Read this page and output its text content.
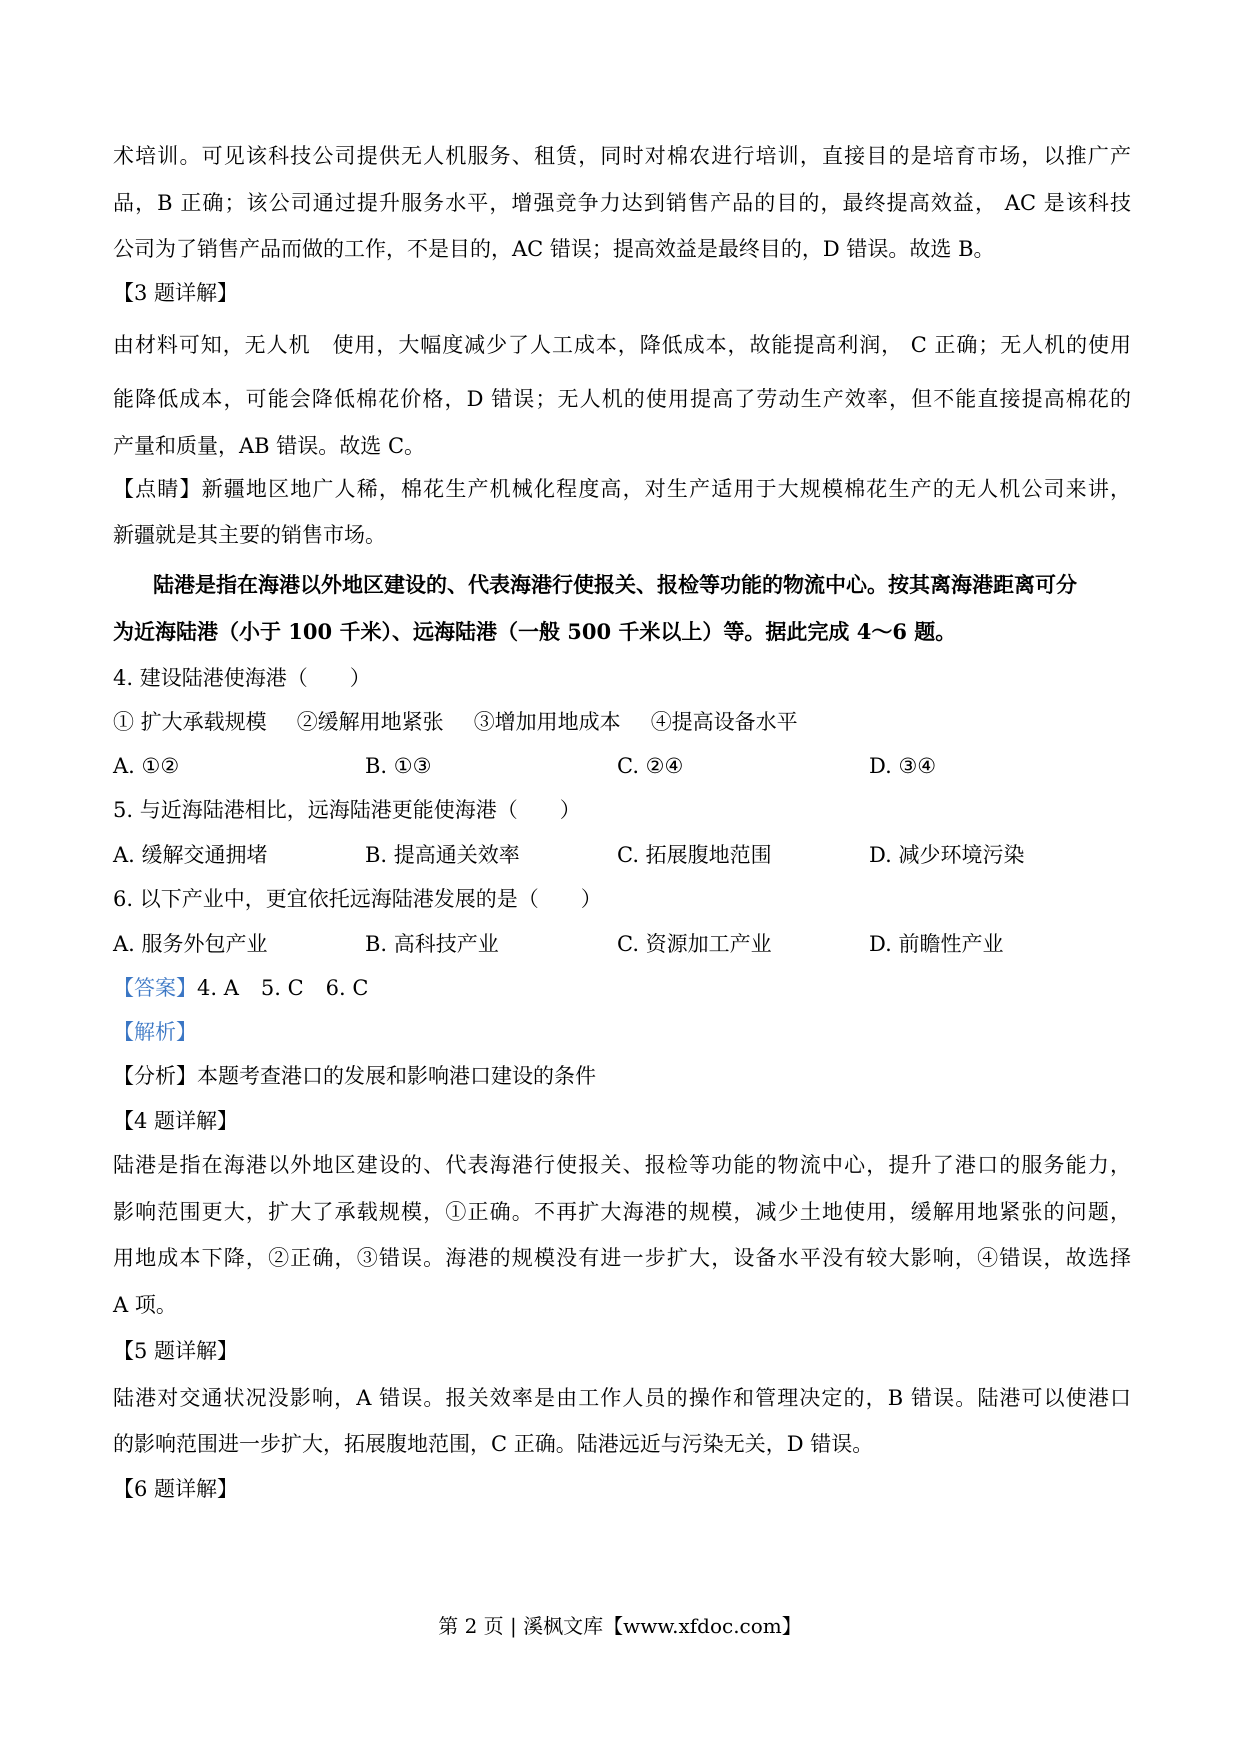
术培训。可见该科技公司提供无人机服务、租赁，同时对棉农进行培训，直接目的是培育市场，以推广产

品，B 正确；该公司通过提升服务水平，增强竞争力达到销售产品的目的，最终提高效益， AC 是该科技

公司为了销售产品而做的工作，不是目的，AC 错误；提高效益是最终目的，D 错误。故选 B。

【3 题详解】

由材料可知，无人机　使用，大幅度减少了人工成本，降低成本，故能提高利润， C 正确；无人机的使用

能降低成本，可能会降低棉花价格，D 错误；无人机的使用提高了劳动生产效率，但不能直接提高棉花的

产量和质量，AB 错误。故选 C。

【点睛】新疆地区地广人稀，棉花生产机械化程度高，对生产适用于大规模棉花生产的无人机公司来讲，

新疆就是其主要的销售市场。

陆港是指在海港以外地区建设的、代表海港行使报关、报检等功能的物流中心。按其离海港距离可分

为近海陆港（小于 100 千米）、远海陆港（一般 500 千米以上）等。据此完成 4～6 题。

4. 建设陆港使海港（　　）

① 扩大承载规模 ②缓解用地紧张 ③增加用地成本 ④提高设备水平

A. ①②	B. ①③	C. ②④	D. ③④

5. 与近海陆港相比，远海陆港更能使海港（　　）

A. 缓解交通拥堵	B. 提高通关效率	C. 拓展腹地范围	D. 减少环境污染

6. 以下产业中，更宜依托远海陆港发展的是（　　）

A. 服务外包产业	B. 高科技产业	C. 资源加工产业	D. 前瞻性产业

【答案】4. A 5. C 6. C

【解析】

【分析】本题考查港口的发展和影响港口建设的条件

【4 题详解】

陆港是指在海港以外地区建设的、代表海港行使报关、报检等功能的物流中心，提升了港口的服务能力，

影响范围更大，扩大了承载规模，①正确。不再扩大海港的规模，减少土地使用，缓解用地紧张的问题，

用地成本下降，②正确，③错误。海港的规模没有进一步扩大，设备水平没有较大影响，④错误，故选择

A 项。

【5 题详解】

陆港对交通状况没影响，A 错误。报关效率是由工作人员的操作和管理决定的，B 错误。陆港可以使港口

的影响范围进一步扩大，拓展腹地范围，C 正确。陆港远近与污染无关，D 错误。

【6 题详解】

第 2 页 | 溪枫文库【www.xfdoc.com】
